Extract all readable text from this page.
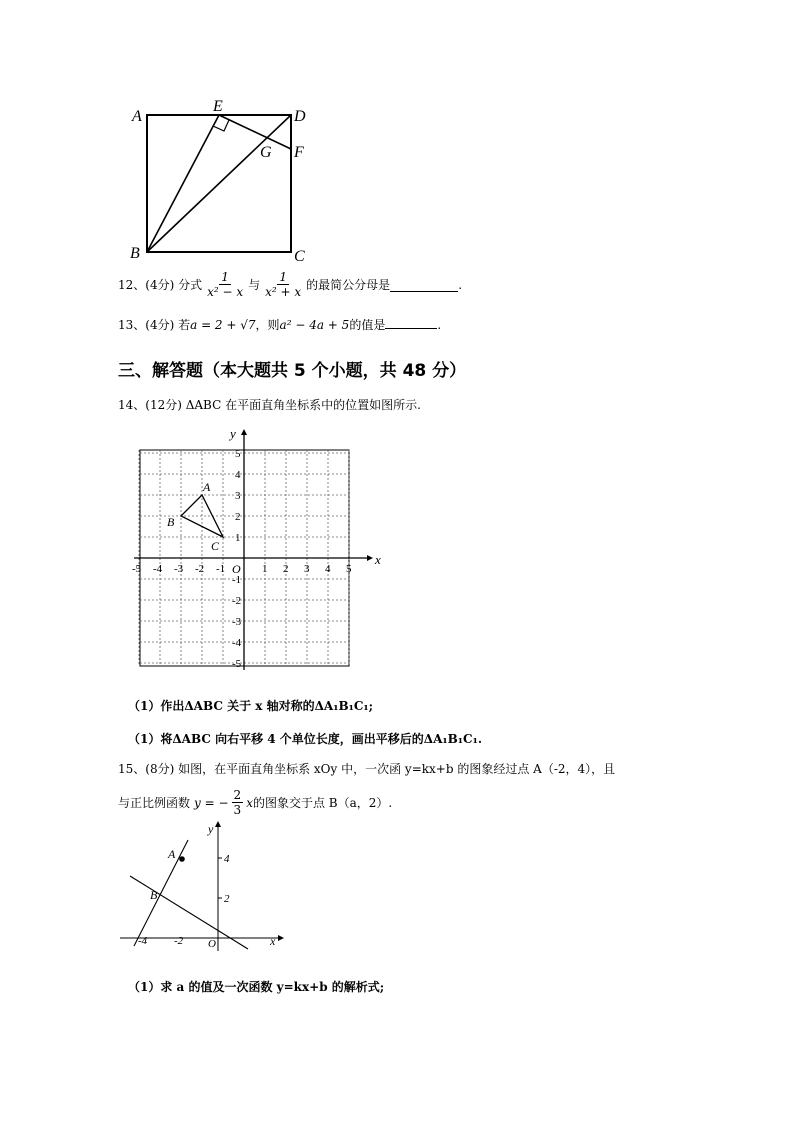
A
E
D
G F
B	C
12、(4分) 分式 $\frac{1}{\text{x² − x}}$ 与 $\frac{1}{\text{x² + x}}$ 的最简公分母是	.
13、(4分) 若a = 2 + √7，则a² − 4a + 5的值是	.
三、解答题（本大题共 5 个小题，共 48 分）
14、(12分) ΔABC 在平面直角坐标系中的位置如图所示.
x
y
O
-5 -4 -3 -2 -1	1 2 3 4 5
5
4
3
2
1
-1
-2
-3
-4
-5
A
B
C
（1）作出ΔABC 关于 x 轴对称的ΔA₁B₁C₁;
（1）将ΔABC 向右平移 4 个单位长度，画出平移后的ΔA₁B₁C₁.
15、(8分) 如图，在平面直角坐标系 xOy 中，一次函 y=kx+b 的图象经过点 A（-2，4），且
与正比例函数 y = − $\frac{2}{3}$ x 的图象交于点 B（a，2）.
A
B
-4 -2 O	x
y
4
2
（1）求 a 的值及一次函数 y=kx+b 的解析式;
